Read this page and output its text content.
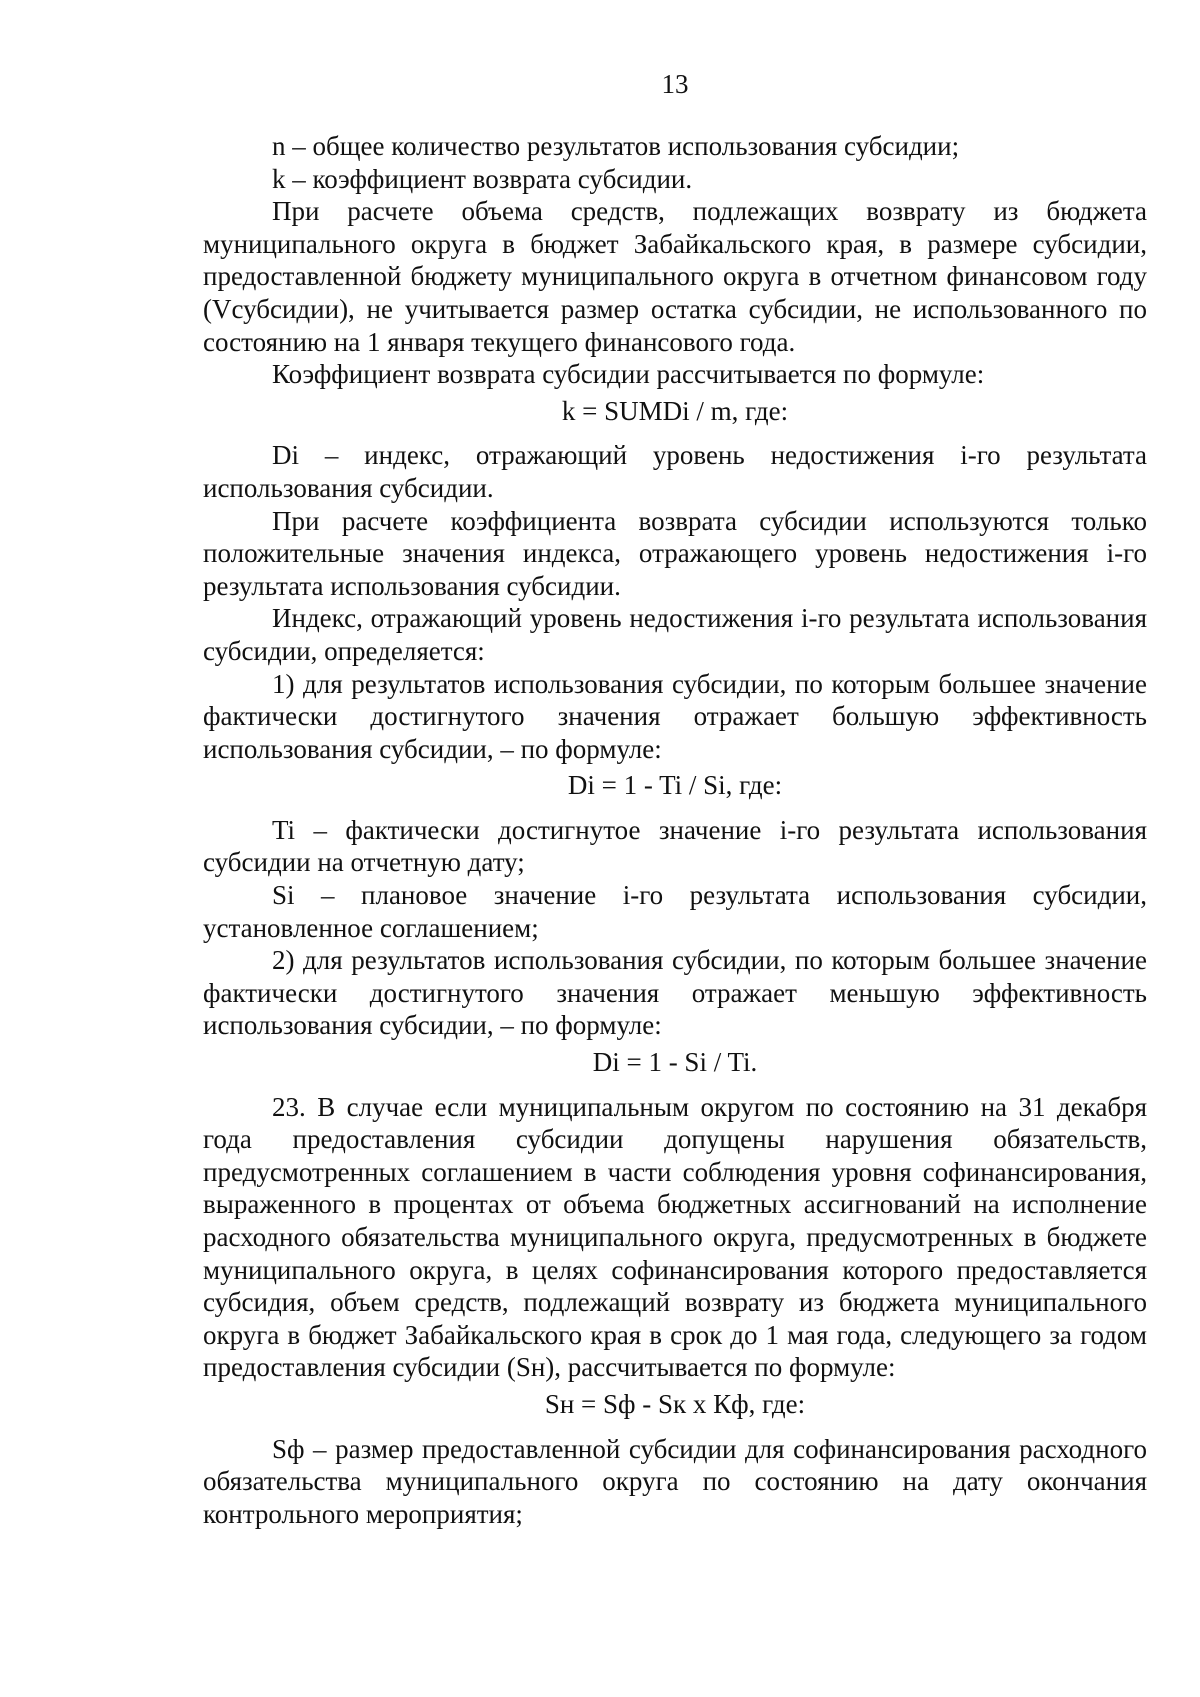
13

n – общее количество результатов использования субсидии;

k – коэффициент возврата субсидии.

При расчете объема средств, подлежащих возврату из бюджета муниципального округа в бюджет Забайкальского края, в размере субсидии, предоставленной бюджету муниципального округа в отчетном финансовом году (Vсубсидии), не учитывается размер остатка субсидии, не использованного по состоянию на 1 января текущего финансового года.

Коэффициент возврата субсидии рассчитывается по формуле:

k = SUMDi / m, где:

Di – индекс, отражающий уровень недостижения i-го результата использования субсидии.

При расчете коэффициента возврата субсидии используются только положительные значения индекса, отражающего уровень недостижения i-го результата использования субсидии.

Индекс, отражающий уровень недостижения i-го результата использования субсидии, определяется:

1) для результатов использования субсидии, по которым большее значение фактически достигнутого значения отражает большую эффективность использования субсидии, – по формуле:

Di = 1 - Ti / Si, где:

Ti – фактически достигнутое значение i-го результата использования субсидии на отчетную дату;

Si – плановое значение i-го результата использования субсидии, установленное соглашением;

2) для результатов использования субсидии, по которым большее значение фактически достигнутого значения отражает меньшую эффективность использования субсидии, – по формуле:

Di = 1 - Si / Ti.

23. В случае если муниципальным округом по состоянию на 31 декабря года предоставления субсидии допущены нарушения обязательств, предусмотренных соглашением в части соблюдения уровня софинансирования, выраженного в процентах от объема бюджетных ассигнований на исполнение расходного обязательства муниципального округа, предусмотренных в бюджете муниципального округа, в целях софинансирования которого предоставляется субсидия, объем средств, подлежащий возврату из бюджета муниципального округа в бюджет Забайкальского края в срок до 1 мая года, следующего за годом предоставления субсидии (Sн), рассчитывается по формуле:

Sн = Sф - Sк x Кф, где:

Sф – размер предоставленной субсидии для софинансирования расходного обязательства муниципального округа по состоянию на дату окончания контрольного мероприятия;
